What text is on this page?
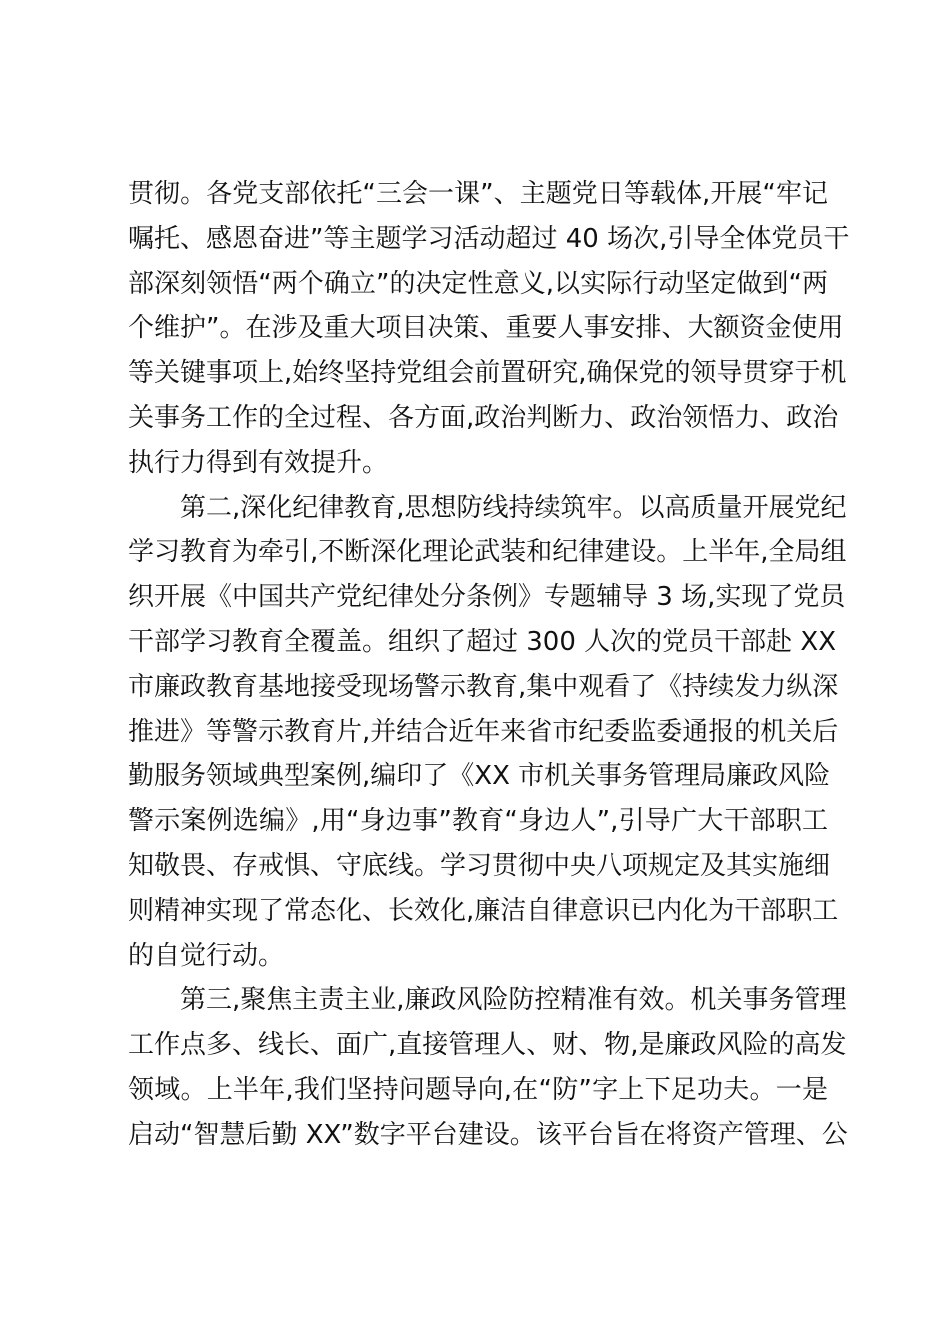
贯彻。各党支部依托“三会一课”、主题党日等载体,开展“牢记
嘱托、感恩奋进”等主题学习活动超过 40 场次,引导全体党员干
部深刻领悟“两个确立”的决定性意义,以实际行动坚定做到“两
个维护”。在涉及重大项目决策、重要人事安排、大额资金使用
等关键事项上,始终坚持党组会前置研究,确保党的领导贯穿于机
关事务工作的全过程、各方面,政治判断力、政治领悟力、政治
执行力得到有效提升。
第二,深化纪律教育,思想防线持续筑牢。以高质量开展党纪
学习教育为牵引,不断深化理论武装和纪律建设。上半年,全局组
织开展《中国共产党纪律处分条例》专题辅导 3 场,实现了党员
干部学习教育全覆盖。组织了超过 300 人次的党员干部赴 XX
市廉政教育基地接受现场警示教育,集中观看了《持续发力纵深
推进》等警示教育片,并结合近年来省市纪委监委通报的机关后
勤服务领域典型案例,编印了《XX 市机关事务管理局廉政风险
警示案例选编》,用“身边事”教育“身边人”,引导广大干部职工
知敬畏、存戒惧、守底线。学习贯彻中央八项规定及其实施细
则精神实现了常态化、长效化,廉洁自律意识已内化为干部职工
的自觉行动。
第三,聚焦主责主业,廉政风险防控精准有效。机关事务管理
工作点多、线长、面广,直接管理人、财、物,是廉政风险的高发
领域。上半年,我们坚持问题导向,在“防”字上下足功夫。一是
启动“智慧后勤 XX”数字平台建设。该平台旨在将资产管理、公
